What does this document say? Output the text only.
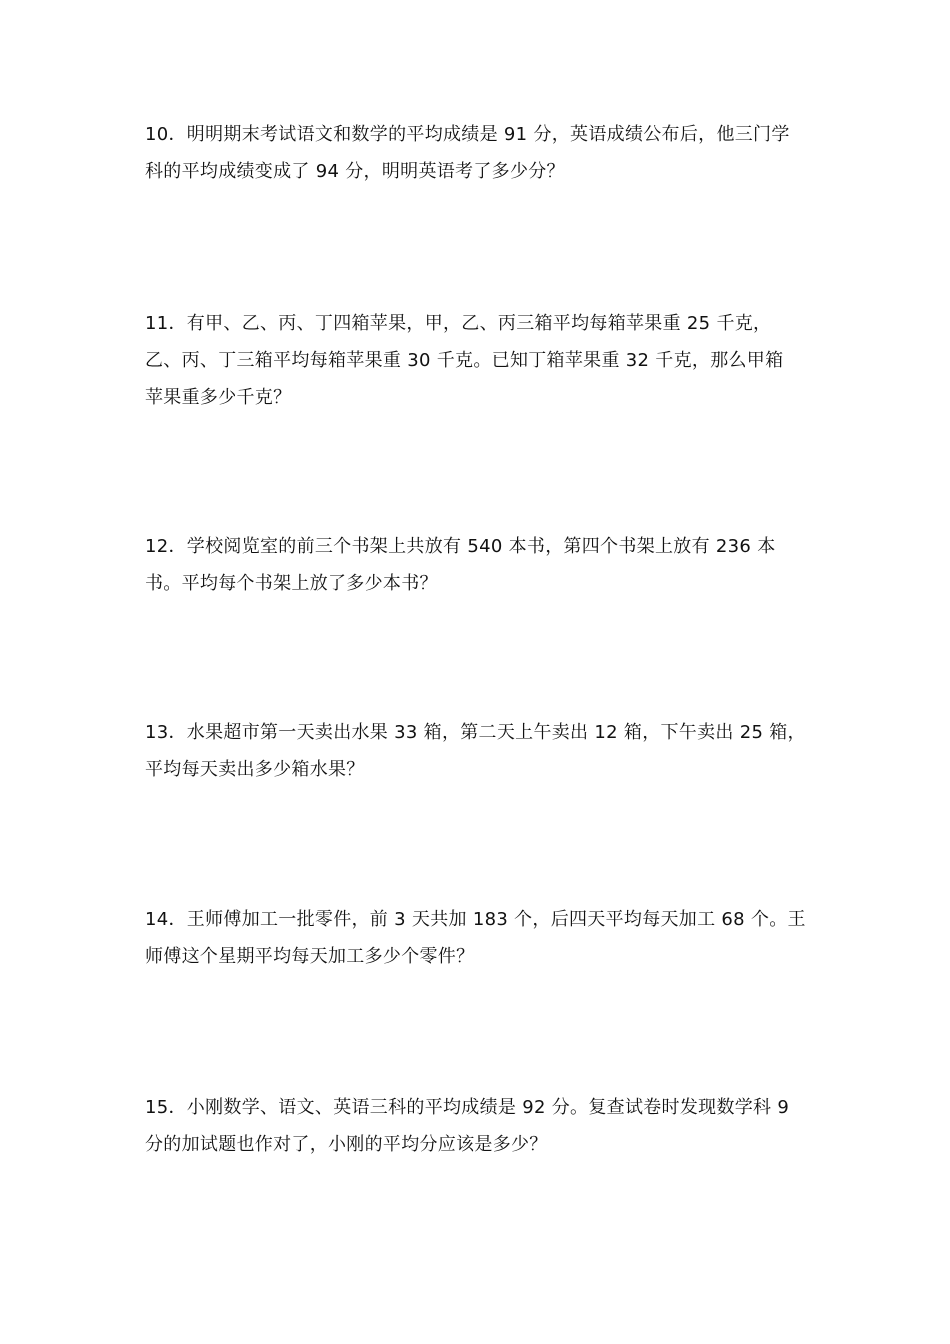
10．明明期末考试语文和数学的平均成绩是 91 分，英语成绩公布后，他三门学
科的平均成绩变成了 94 分，明明英语考了多少分？
11．有甲、乙、丙、丁四箱苹果，甲，乙、丙三箱平均每箱苹果重 25 千克，
乙、丙、丁三箱平均每箱苹果重 30 千克。已知丁箱苹果重 32 千克，那么甲箱
苹果重多少千克？
12．学校阅览室的前三个书架上共放有 540 本书，第四个书架上放有 236 本
书。平均每个书架上放了多少本书？
13．水果超市第一天卖出水果 33 箱，第二天上午卖出 12 箱，下午卖出 25 箱，
平均每天卖出多少箱水果？
14．王师傅加工一批零件，前 3 天共加 183 个，后四天平均每天加工 68 个。王
师傅这个星期平均每天加工多少个零件？
15．小刚数学、语文、英语三科的平均成绩是 92 分。复查试卷时发现数学科 9
分的加试题也作对了，小刚的平均分应该是多少？
